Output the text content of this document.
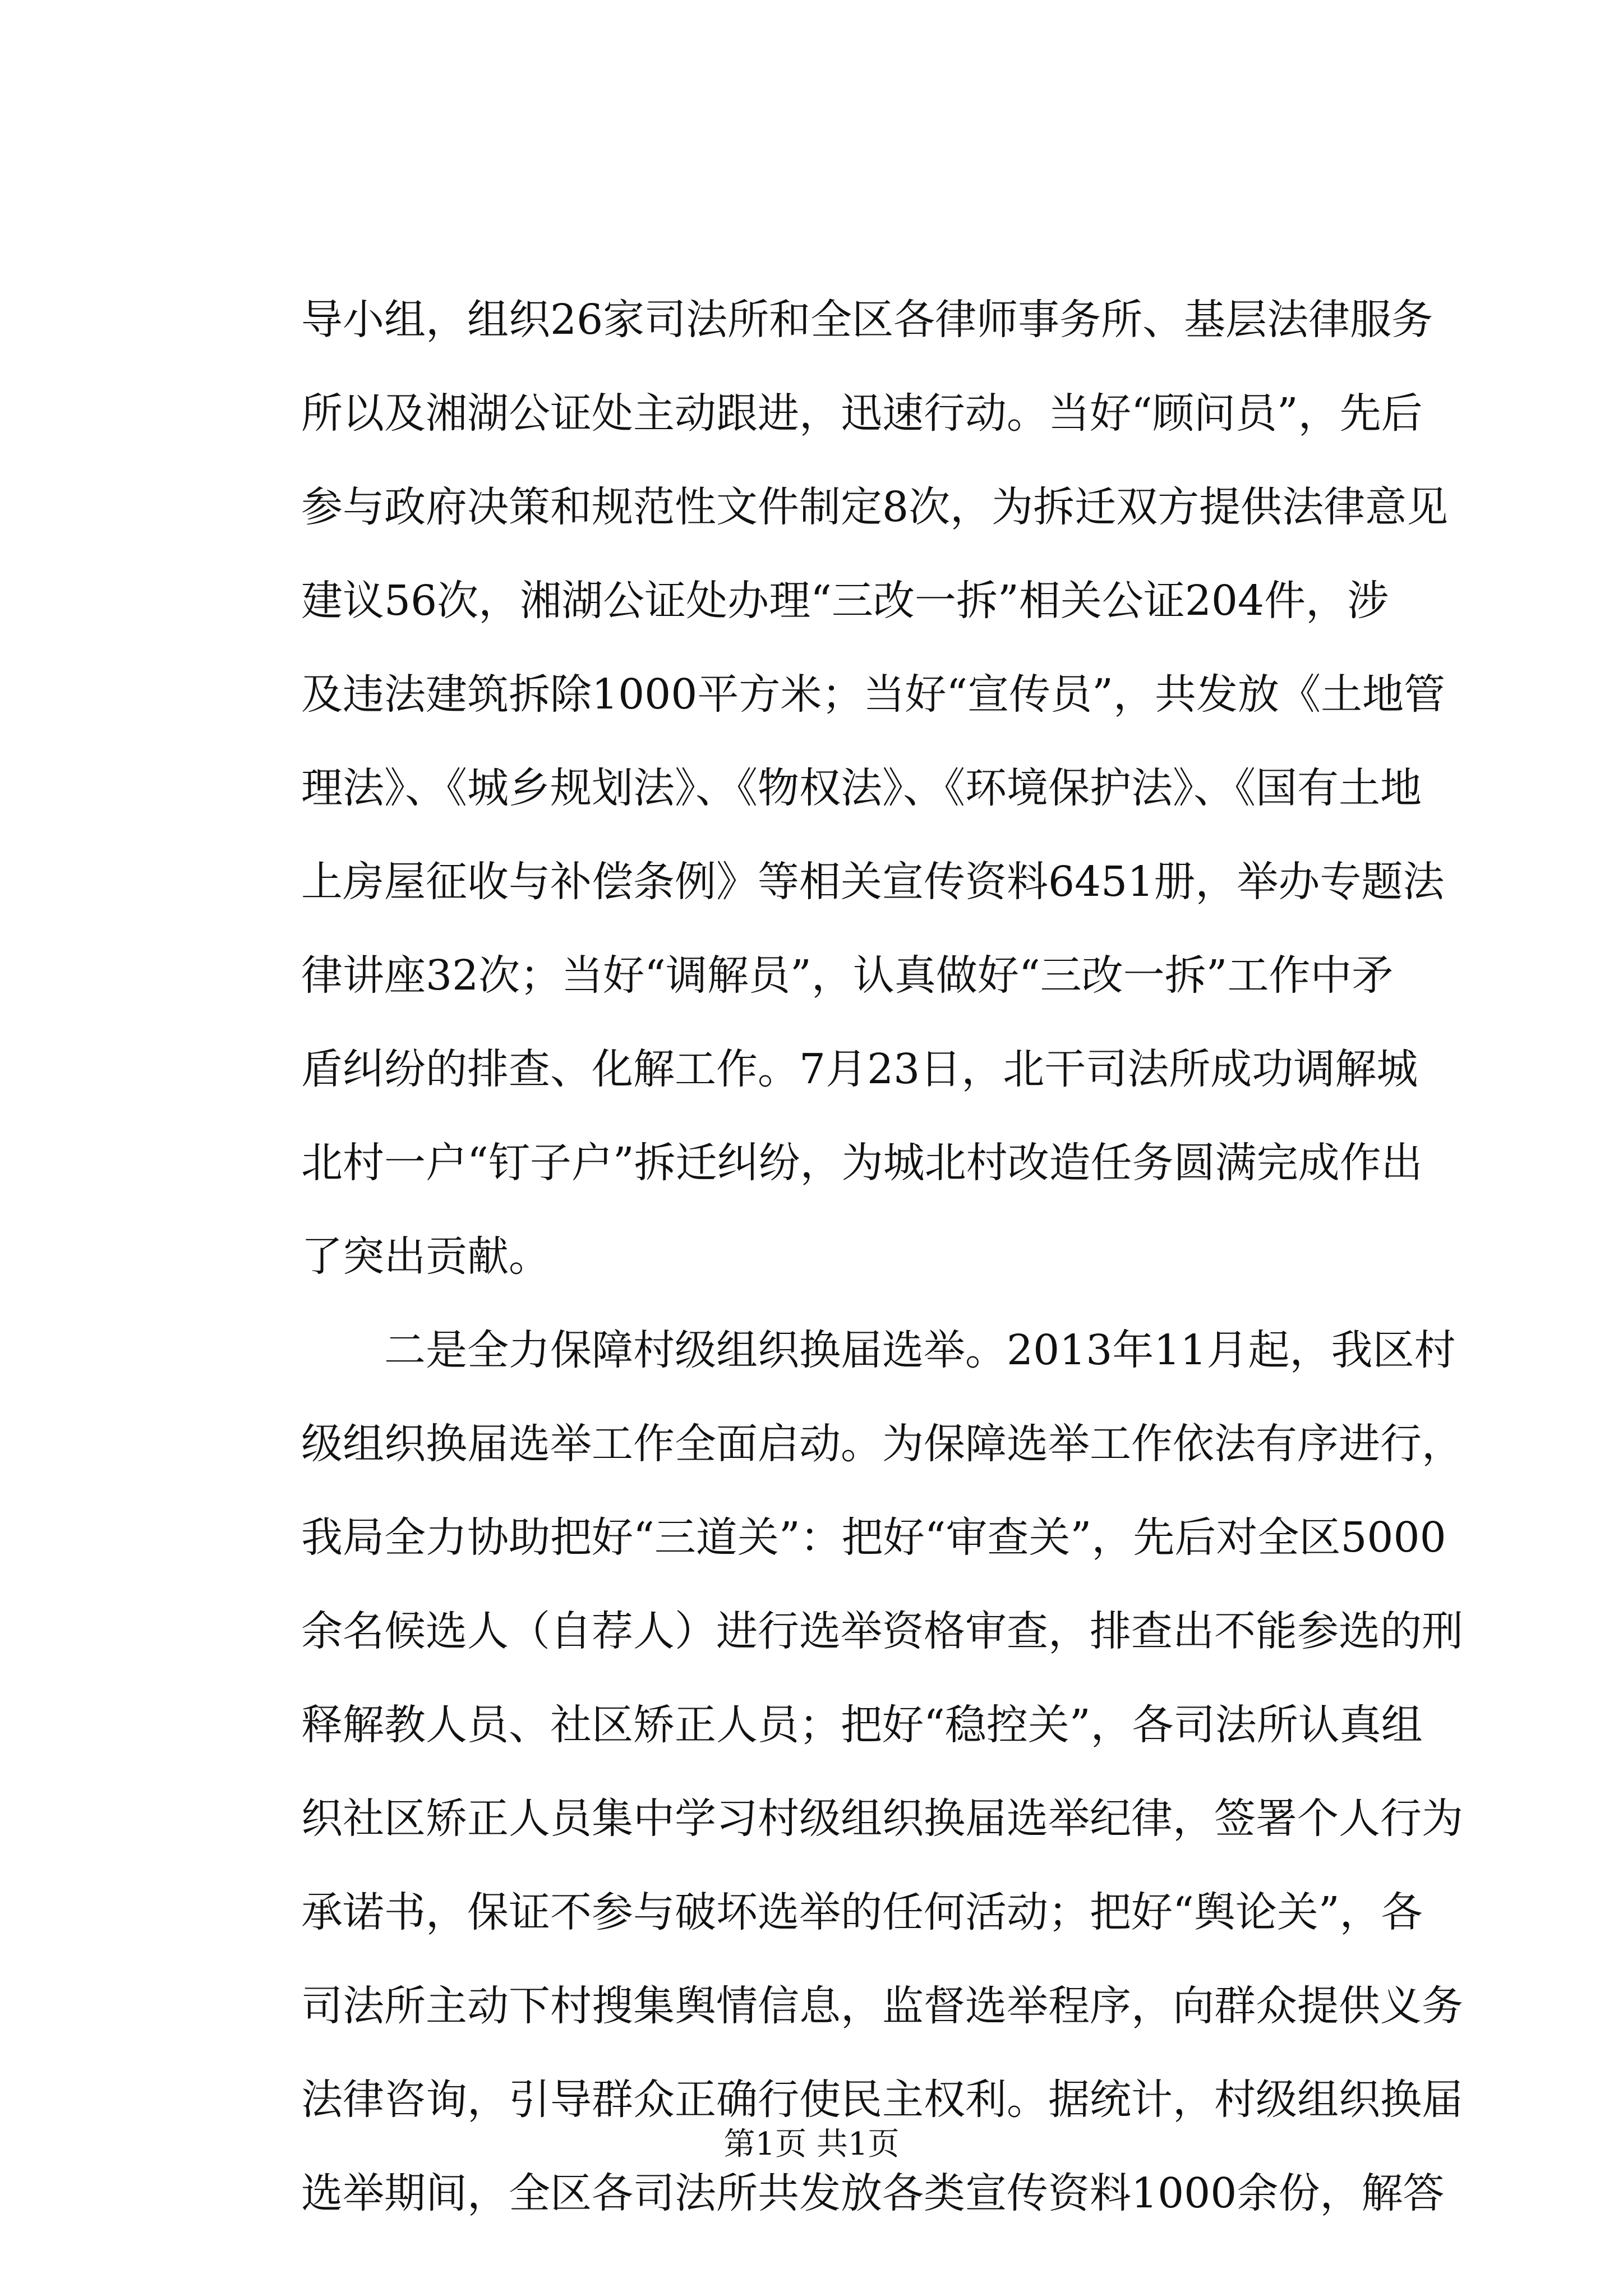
导小组，组织26家司法所和全区各律师事务所、基层法律服务
所以及湘湖公证处主动跟进，迅速行动。当好“顾问员”，先后
参与政府决策和规范性文件制定8次，为拆迁双方提供法律意见
建议56次，湘湖公证处办理“三改一拆”相关公证204件，涉
及违法建筑拆除1000平方米；当好“宣传员”，共发放《土地管
理法》、《城乡规划法》、《物权法》、《环境保护法》、《国有土地
上房屋征收与补偿条例》等相关宣传资料6451册，举办专题法
律讲座32次；当好“调解员”，认真做好“三改一拆”工作中矛
盾纠纷的排查、化解工作。7月23日，北干司法所成功调解城
北村一户“钉子户”拆迁纠纷，为城北村改造任务圆满完成作出
了突出贡献。
　　二是全力保障村级组织换届选举。2013年11月起，我区村
级组织换届选举工作全面启动。为保障选举工作依法有序进行，
我局全力协助把好“三道关”：把好“审查关”，先后对全区5000
余名候选人（自荐人）进行选举资格审查，排查出不能参选的刑
释解教人员、社区矫正人员；把好“稳控关”，各司法所认真组
织社区矫正人员集中学习村级组织换届选举纪律，签署个人行为
承诺书，保证不参与破坏选举的任何活动；把好“舆论关”，各
司法所主动下村搜集舆情信息，监督选举程序，向群众提供义务
法律咨询，引导群众正确行使民主权利。据统计，村级组织换届
选举期间，全区各司法所共发放各类宣传资料1000余份，解答
第1页 共1页
